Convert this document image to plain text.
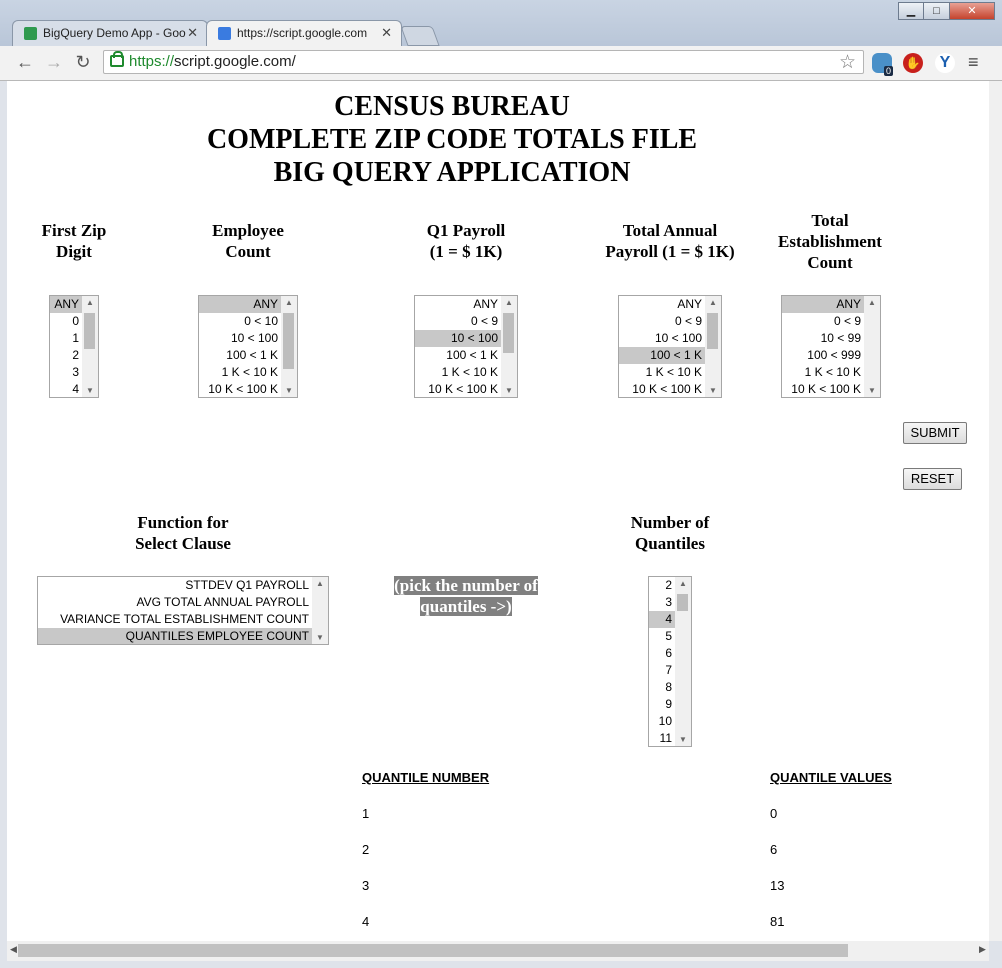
BigQuery Demo App - Goo ✕	https://script.google.com ✕
▁	□	✕
← → ↻	https://script.google.com/	☆	0
✋ Y ≡
◀	▶
CENSUS BUREAU
COMPLETE ZIP CODE TOTALS FILE
BIG QUERY APPLICATION
First Zip
Digit
Employee
Count
Q1 Payroll
(1 = $ 1K)
Total Annual
Payroll (1 = $ 1K)
Total
Establishment
Count
ANY
0
1
2
3
4
▲
▼
ANY
0 < 10
10 < 100
100 < 1 K
1 K < 10 K
10 K < 100 K
▲
▼
ANY
0 < 9
10 < 100
100 < 1 K
1 K < 10 K
10 K < 100 K
▲
▼
ANY
0 < 9
10 < 100
100 < 1 K
1 K < 10 K
10 K < 100 K
▲
▼
ANY
0 < 9
10 < 99
100 < 999
1 K < 10 K
10 K < 100 K
▲
▼
SUBMIT
RESET
Function for
Select Clause
STTDEV Q1 PAYROLL
AVG TOTAL ANNUAL PAYROLL
VARIANCE TOTAL ESTABLISHMENT COUNT
QUANTILES EMPLOYEE COUNT
▲
▼
(pick the number of
quantiles ->)
Number of
Quantiles
2
3
4
5
6
7
8
9
10
11
▲
▼
QUANTILE NUMBER	QUANTILE VALUES
1	0
2	6
3	13
4	81
